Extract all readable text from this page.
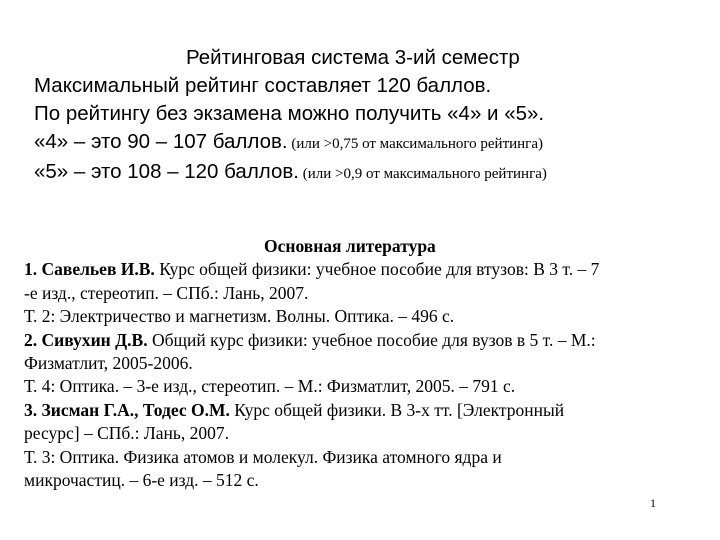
Рейтинговая система 3-ий семестр
Максимальный рейтинг составляет 120 баллов.
По рейтингу без экзамена можно получить «4» и «5».
«4» – это 90 – 107 баллов. (или >0,75 от максимального рейтинга)
«5» – это 108 – 120 баллов. (или >0,9 от максимального рейтинга)
Основная литература
1. Савельев И.В. Курс общей физики: учебное пособие для втузов: В 3 т. – 7
-е изд., стереотип. – СПб.: Лань, 2007.
Т. 2: Электричество и магнетизм. Волны. Оптика. – 496 с.
2. Сивухин Д.В. Общий курс физики: учебное пособие для вузов в 5 т. – М.:
Физматлит, 2005-2006.
Т. 4: Оптика. – 3-е изд., стереотип. – М.: Физматлит, 2005. – 791 с.
3. Зисман Г.А., Тодес О.М. Курс общей физики. В 3-х тт. [Электронный
ресурс] – СПб.: Лань, 2007.
Т. 3: Оптика. Физика атомов и молекул. Физика атомного ядра и
микрочастиц. – 6-е изд. – 512 с.
1
